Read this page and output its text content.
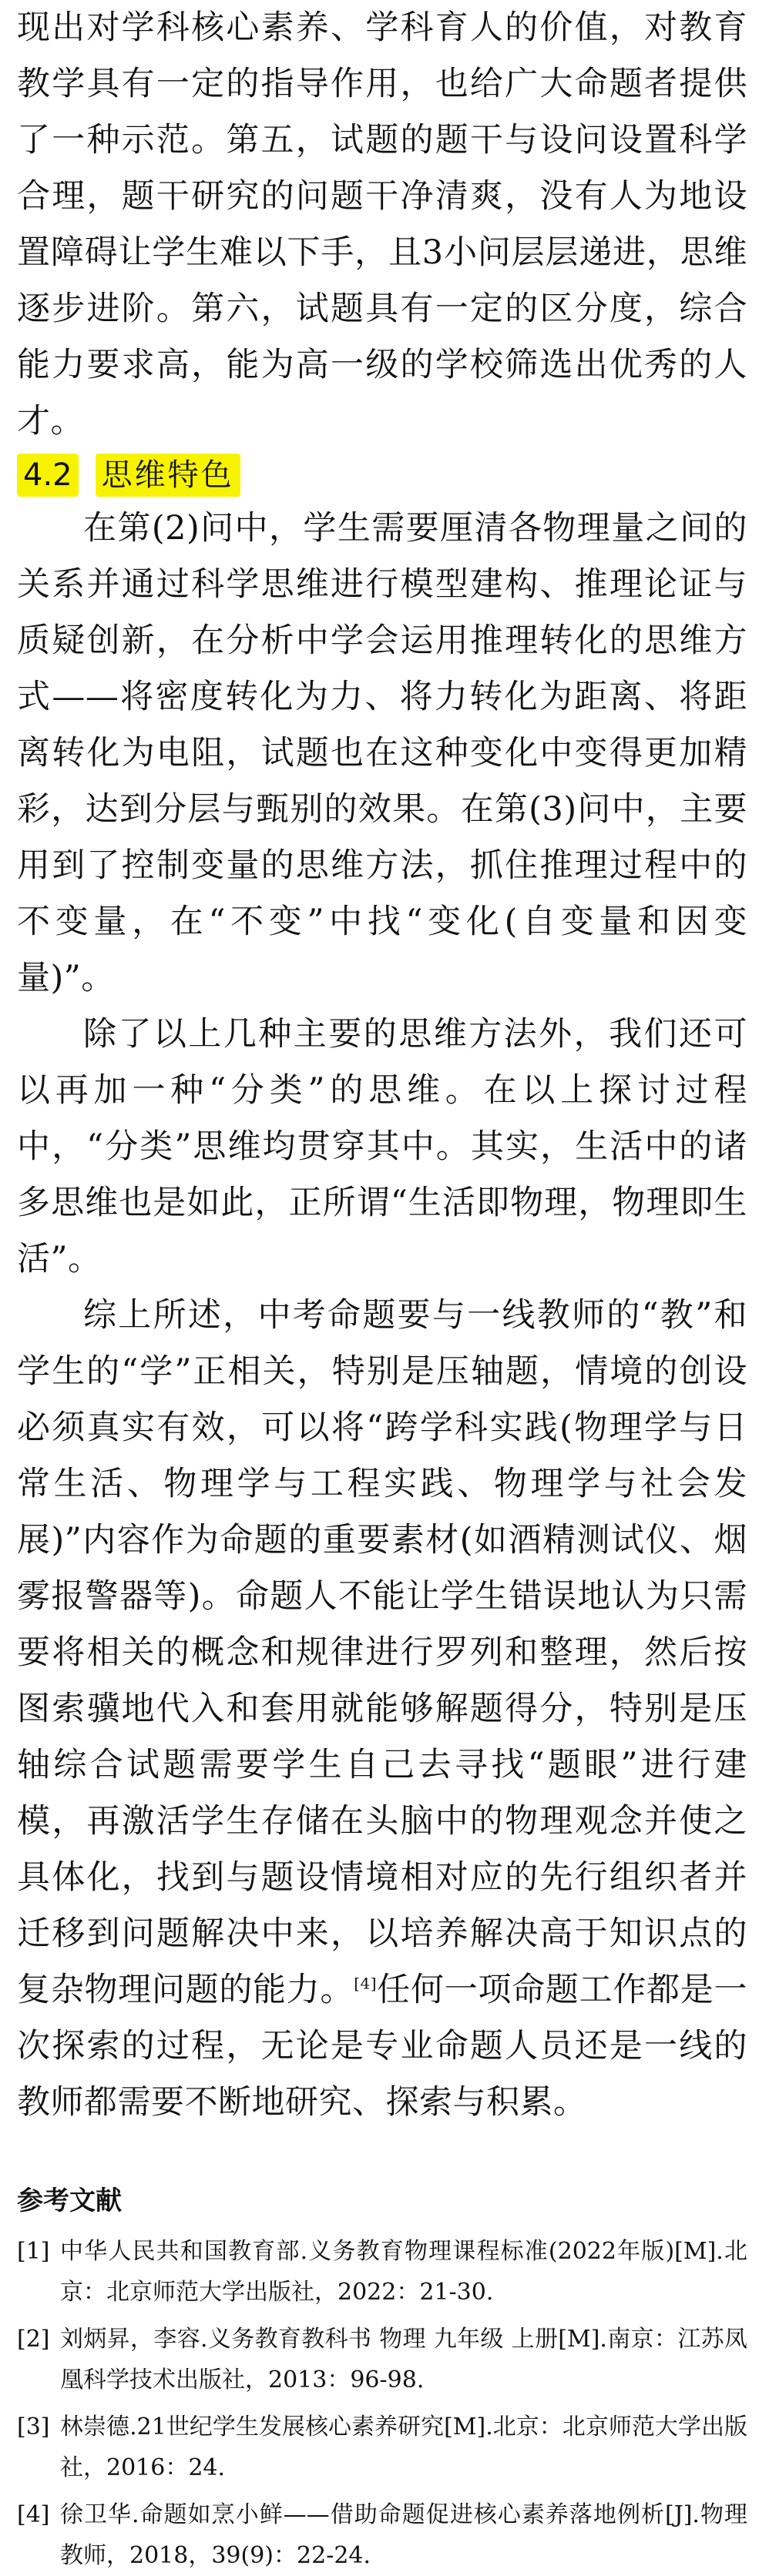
现出对学科核心素养、学科育人的价值，对教育教学具有一定的指导作用，也给广大命题者提供了一种示范。第五，试题的题干与设问设置科学合理，题干研究的问题干净清爽，没有人为地设置障碍让学生难以下手，且3小问层层递进，思维逐步进阶。第六，试题具有一定的区分度，综合能力要求高，能为高一级的学校筛选出优秀的人才。

4.2 思维特色

在第(2)问中，学生需要厘清各物理量之间的关系并通过科学思维进行模型建构、推理论证与质疑创新，在分析中学会运用推理转化的思维方式——将密度转化为力、将力转化为距离、将距离转化为电阻，试题也在这种变化中变得更加精彩，达到分层与甄别的效果。在第(3)问中，主要用到了控制变量的思维方法，抓住推理过程中的不变量，在“不变”中找“变化(自变量和因变量)”。

除了以上几种主要的思维方法外，我们还可以再加一种“分类”的思维。在以上探讨过程中，“分类”思维均贯穿其中。其实，生活中的诸多思维也是如此，正所谓“生活即物理，物理即生活”。

综上所述，中考命题要与一线教师的“教”和学生的“学”正相关，特别是压轴题，情境的创设必须真实有效，可以将“跨学科实践(物理学与日常生活、物理学与工程实践、物理学与社会发展)”内容作为命题的重要素材(如酒精测试仪、烟雾报警器等)。命题人不能让学生错误地认为只需要将相关的概念和规律进行罗列和整理，然后按图索骥地代入和套用就能够解题得分，特别是压轴综合试题需要学生自己去寻找“题眼”进行建模，再激活学生存储在头脑中的物理观念并使之具体化，找到与题设情境相对应的先行组织者并迁移到问题解决中来，以培养解决高于知识点的复杂物理问题的能力。[4]任何一项命题工作都是一次探索的过程，无论是专业命题人员还是一线的教师都需要不断地研究、探索与积累。

参考文献
[1] 中华人民共和国教育部.义务教育物理课程标准(2022年版)[M].北京：北京师范大学出版社，2022：21-30.
[2] 刘炳昇，李容.义务教育教科书 物理 九年级 上册[M].南京：江苏凤凰科学技术出版社，2013：96-98.
[3] 林崇德.21世纪学生发展核心素养研究[M].北京：北京师范大学出版社，2016：24.
[4] 徐卫华.命题如烹小鲜——借助命题促进核心素养落地例析[J].物理教师，2018，39(9)：22-24.
